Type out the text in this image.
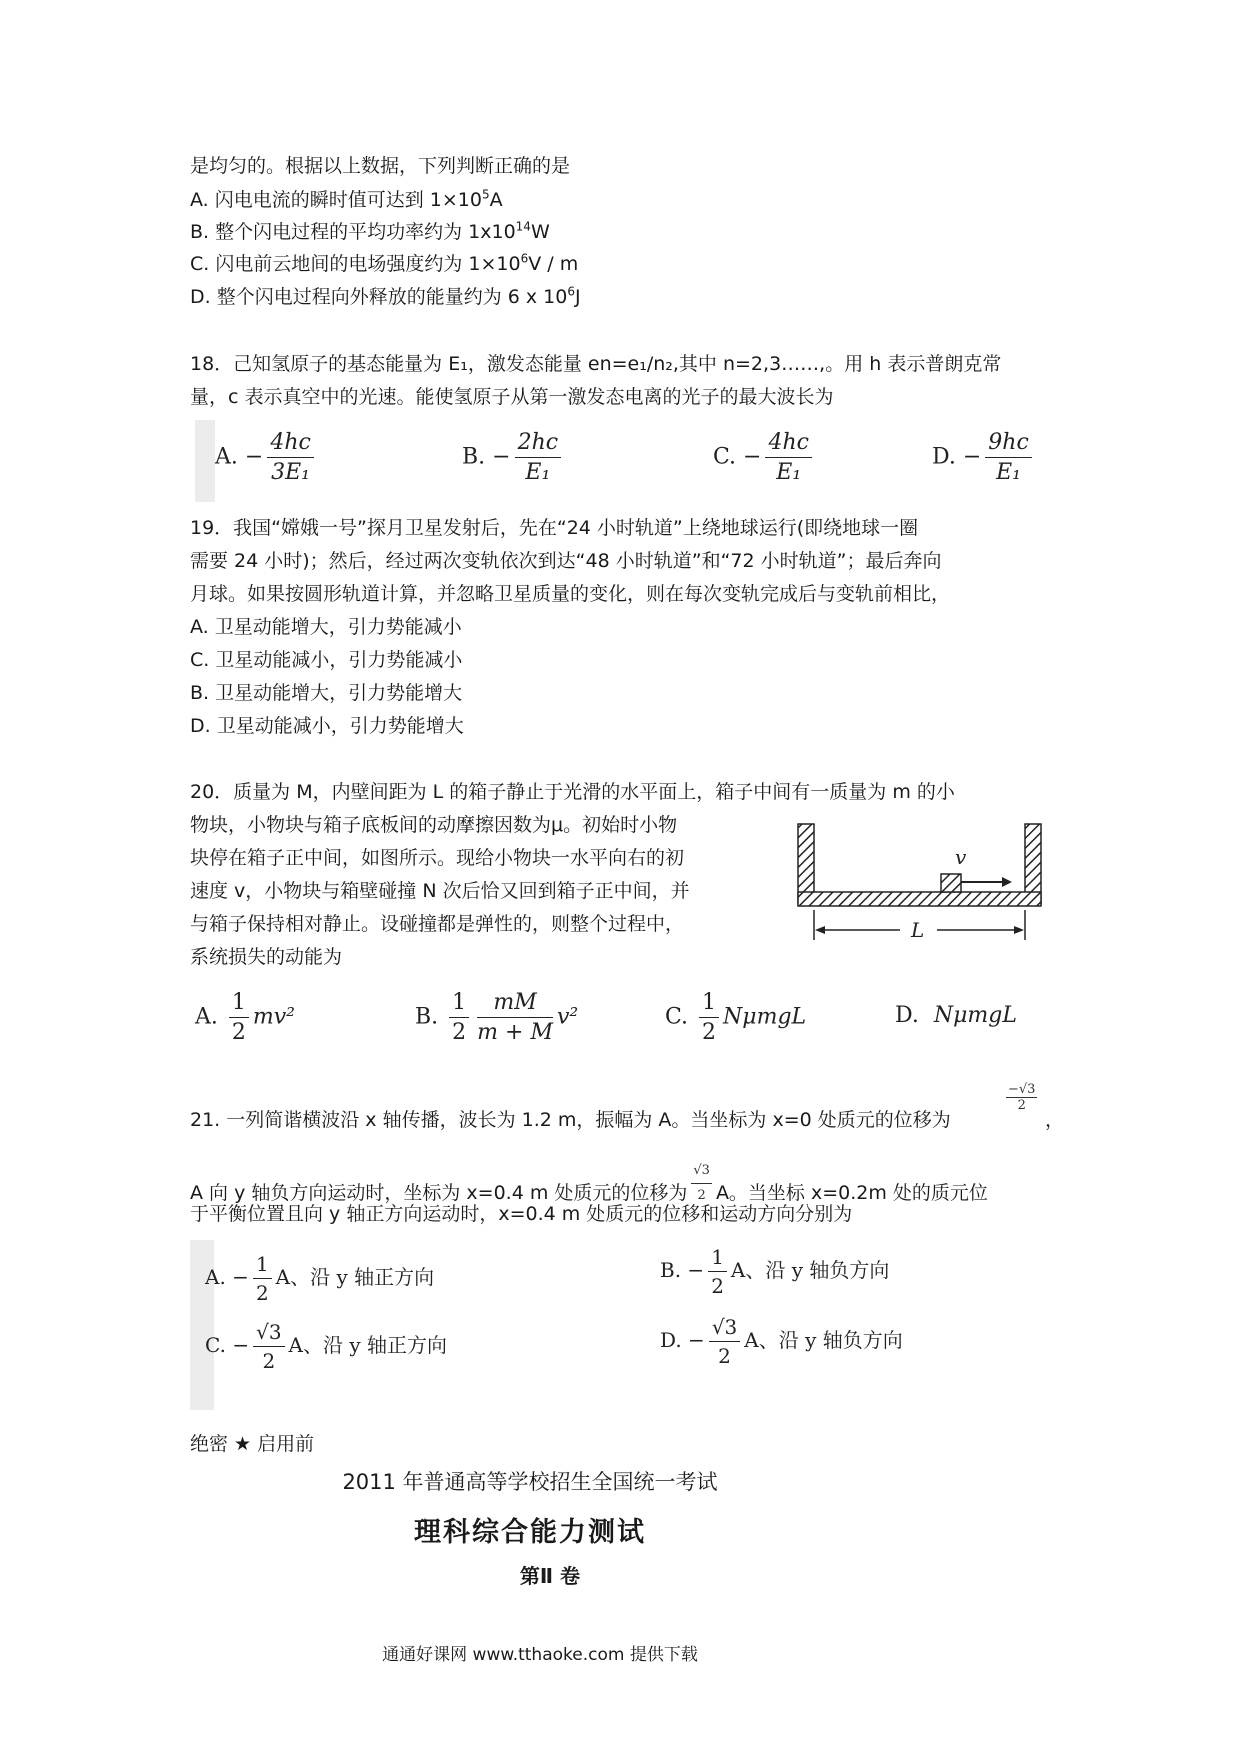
是均匀的。根据以上数据，下列判断正确的是
A. 闪电电流的瞬时值可达到 $1\times 10^5A$
B. 整个闪电过程的平均功率约为 $1x10^{14}W$
C. 闪电前云地间的电场强度约为 $1\times 10^6V / m$
D. 整个闪电过程向外释放的能量约为 6 x $10^6J$
18．己知氢原子的基态能量为 E₁，激发态能量 en=e₁/n₂,其中 n=2,3……,。用 h 表示普朗克常
量，c 表示真空中的光速。能使氢原子从第一激发态电离的光子的最大波长为
A. − $\frac{4hc}{\text{3E₁}}$	B. − $\frac{2hc}{\text{E₁}}$	C. − $\frac{4hc}{\text{E₁}}$	D. − $\frac{9hc}{\text{E₁}}$
19．我国“嫦娥一号”探月卫星发射后，先在“24 小时轨道”上绕地球运行(即绕地球一圈
需要 24 小时)；然后，经过两次变轨依次到达“48 小时轨道”和“72 小时轨道”；最后奔向
月球。如果按圆形轨道计算，并忽略卫星质量的变化，则在每次变轨完成后与变轨前相比，
A. 卫星动能增大，引力势能减小
C. 卫星动能减小，引力势能减小
B. 卫星动能增大，引力势能增大
D. 卫星动能减小，引力势能增大
20．质量为 M，内壁间距为 L 的箱子静止于光滑的水平面上，箱子中间有一质量为 m 的小
物块，小物块与箱子底板间的动摩擦因数为μ。初始时小物
块停在箱子正中间，如图所示。现给小物块一水平向右的初
速度 v，小物块与箱壁碰撞 N 次后恰又回到箱子正中间，并
与箱子保持相对静止。设碰撞都是弹性的，则整个过程中，
系统损失的动能为
v
L
A. $\frac{1}{2} mv^2$	B. $\frac{1}{2} \frac{mM}{m + M} v^2$	C. $\frac{1}{2}$ NμmgL	D. NμmgL
21. 一列简谐横波沿 x 轴传播，波长为 1.2 m，振幅为 A。当坐标为 x=0 处质元的位移为
$\frac{-√3}{2}$
，
A 向 y 轴负方向运动时，坐标为 x=0.4 m 处质元的位移为 $\frac{√3}{2}$ A。当坐标 x=0.2m 处的质元位
于平衡位置且向 y 轴正方向运动时，x=0.4 m 处质元的位移和运动方向分别为
A. − $\frac{1}{2}$ A、沿 y 轴正方向	B. − $\frac{1}{2}$ A、沿 y 轴负方向
C. − $\frac{√3}{2}$ A、沿 y 轴正方向	D. − $\frac{√3}{2}$ A、沿 y 轴负方向
绝密 ★ 启用前
2011 年普通高等学校招生全国统一考试
理科综合能力测试
第Ⅱ 卷
通通好课网 www.tthaoke.com 提供下载
